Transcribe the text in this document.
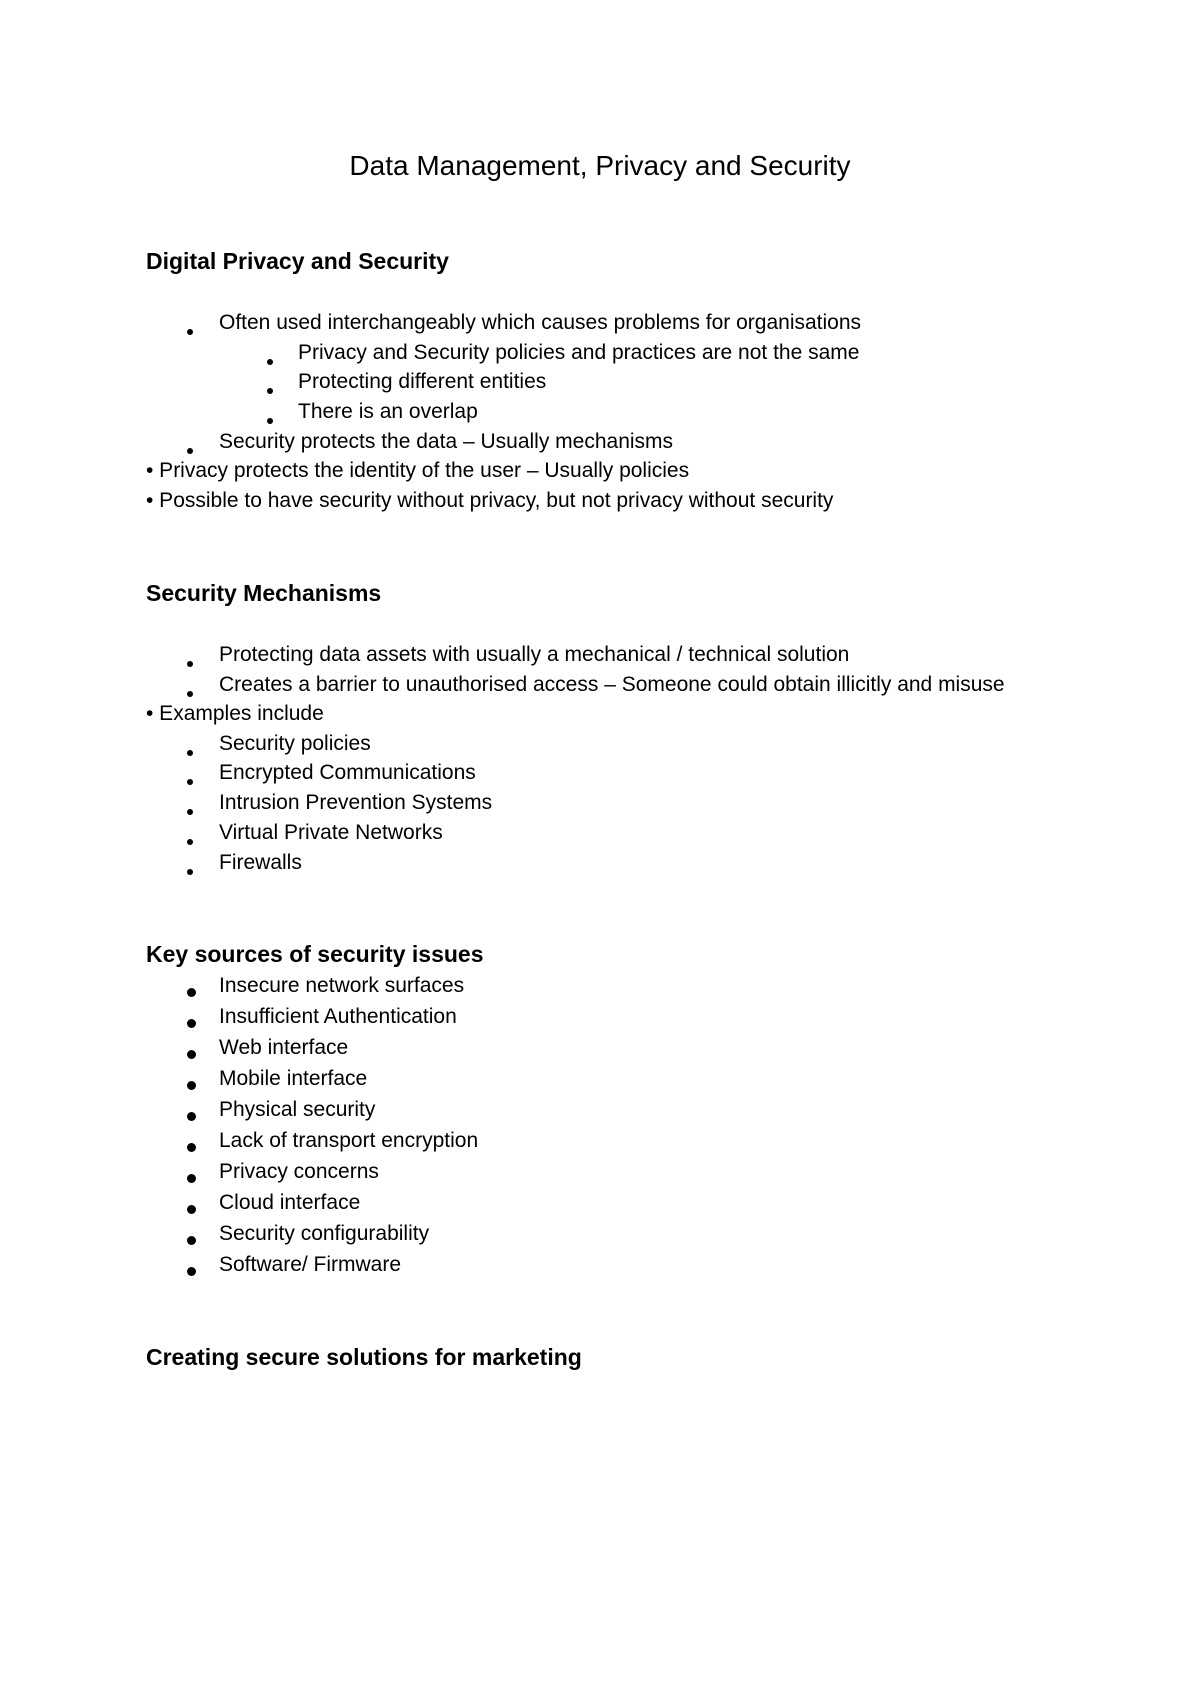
Data Management, Privacy and Security
Digital Privacy and Security
Often used interchangeably which causes problems for organisations
Privacy and Security policies and practices are not the same
Protecting different entities
There is an overlap
Security protects the data – Usually mechanisms
• Privacy protects the identity of the user – Usually policies
• Possible to have security without privacy, but not privacy without security
Security Mechanisms
Protecting data assets with usually a mechanical / technical solution
Creates a barrier to unauthorised access – Someone could obtain illicitly and misuse
• Examples include
Security policies
Encrypted Communications
Intrusion Prevention Systems
Virtual Private Networks
Firewalls
Key sources of security issues
Insecure network surfaces
Insufficient Authentication
Web interface
Mobile interface
Physical security
Lack of transport encryption
Privacy concerns
Cloud interface
Security configurability
Software/ Firmware
Creating secure solutions for marketing
